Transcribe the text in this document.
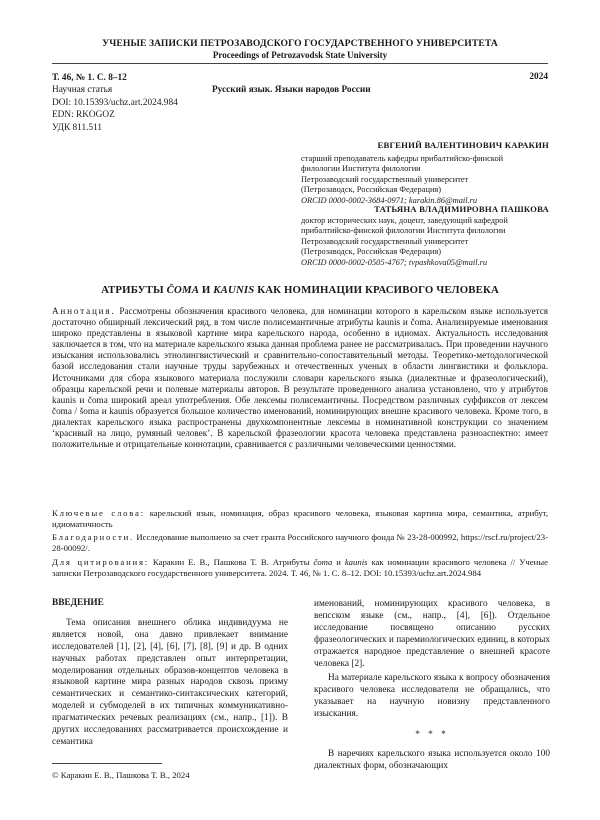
УЧЕНЫЕ ЗАПИСКИ ПЕТРОЗАВОДСКОГО ГОСУДАРСТВЕННОГО УНИВЕРСИТЕТА
Proceedings of Petrozavodsk State University
Т. 46, № 1. С. 8–12
Научная статья
DOI: 10.15393/uchz.art.2024.984
EDN: RKOGOZ
УДК 811.511
2024
Русский язык. Языки народов России
ЕВГЕНИЙ ВАЛЕНТИНОВИЧ КАРАКИН
старший преподаватель кафедры прибалтийско-финской
филологии Института филологии
Петрозаводский государственный университет
(Петрозаводск, Российская Федерация)
ORCID 0000-0002-3684-0971; karakin.86@mail.ru
ТАТЬЯНА ВЛАДИМИРОВНА ПАШКОВА
доктор исторических наук, доцент, заведующий кафедрой
прибалтийско-финской филологии Института филологии
Петрозаводский государственный университет
(Петрозаводск, Российская Федерация)
ORCID 0000-0002-0505-4767; tvpashkova05@mail.ru
АТРИБУТЫ ČOMA И KAUNIS КАК НОМИНАЦИИ КРАСИВОГО ЧЕЛОВЕКА
Аннотация. Рассмотрены обозначения красивого человека, для номинации которого в карельском языке используется достаточно обширный лексический ряд, в том числе полисемантичные атрибуты kaunis и čoma. Анализируемые именования широко представлены в языковой картине мира карельского народа, особенно в идиомах. Актуальность исследования заключается в том, что на материале карельского языка данная проблема ранее не рассматривалась. При проведении научного изыскания использовались этнолингвистический и сравнительно-сопоставительный методы. Теоретико-методологической базой исследования стали научные труды зарубежных и отечественных ученых в области лингвистики и фольклора. Источниками для сбора языкового материала послужили словари карельского языка (диалектные и фразеологический), образцы карельской речи и полевые материалы авторов. В результате проведенного анализа установлено, что у атрибутов kaunis и čoma широкий ареал употребления. Обе лексемы полисемантичны. Посредством различных суффиксов от лексем čoma / šoma и kaunis образуется большое количество именований, номинирующих внешне красивого человека. Кроме того, в диалектах карельского языка распространены двухкомпонентные лексемы в номинативной конструкции со значением ‘красивый на лицо, румяный человек’. В карельской фразеологии красота человека представлена разноаспектно: имеет положительные и отрицательные коннотации, сравнивается с различными человеческими ценностями.
Ключевые слова: карельский язык, номинация, образ красивого человека, языковая картина мира, семантика, атрибут, идиоматичность
Благодарности. Исследование выполнено за счет гранта Российского научного фонда № 23-28-000992, https://rscf.ru/project/23-28-00092/.
Для цитирования: Каракин Е. В., Пашкова Т. В. Атрибуты čoma и kaunis как номинации красивого человека // Ученые записки Петрозаводского государственного университета. 2024. Т. 46, № 1. С. 8–12. DOI: 10.15393/uchz.art.2024.984
ВВЕДЕНИЕ
Тема описания внешнего облика индивидуума не является новой, она давно привлекает внимание исследователей [1], [2], [4], [6], [7], [8], [9] и др. В одних научных работах представлен опыт интерпретации, моделирования отдельных образов-концептов человека в языковой картине мира разных народов сквозь призму семантических и семантико-синтаксических категорий, моделей и субмоделей в их типичных коммуникативно-прагматических речевых реализациях (см., напр., [1]). В других исследованиях рассматривается происхождение и семантика
именований, номинирующих красивого человека, в вепсском языке (см., напр., [4], [6]). Отдельное исследование посвящено описанию русских фразеологических и паремиологических единиц, в которых отражается народное представление о внешней красоте человека [2].
На материале карельского языка к вопросу обозначения красивого человека исследователи не обращались, что указывает на научную новизну представленного изыскания.
* * *
В наречиях карельского языка используется около 100 диалектных форм, обозначающих
© Каракин Е. В., Пашкова Т. В., 2024
